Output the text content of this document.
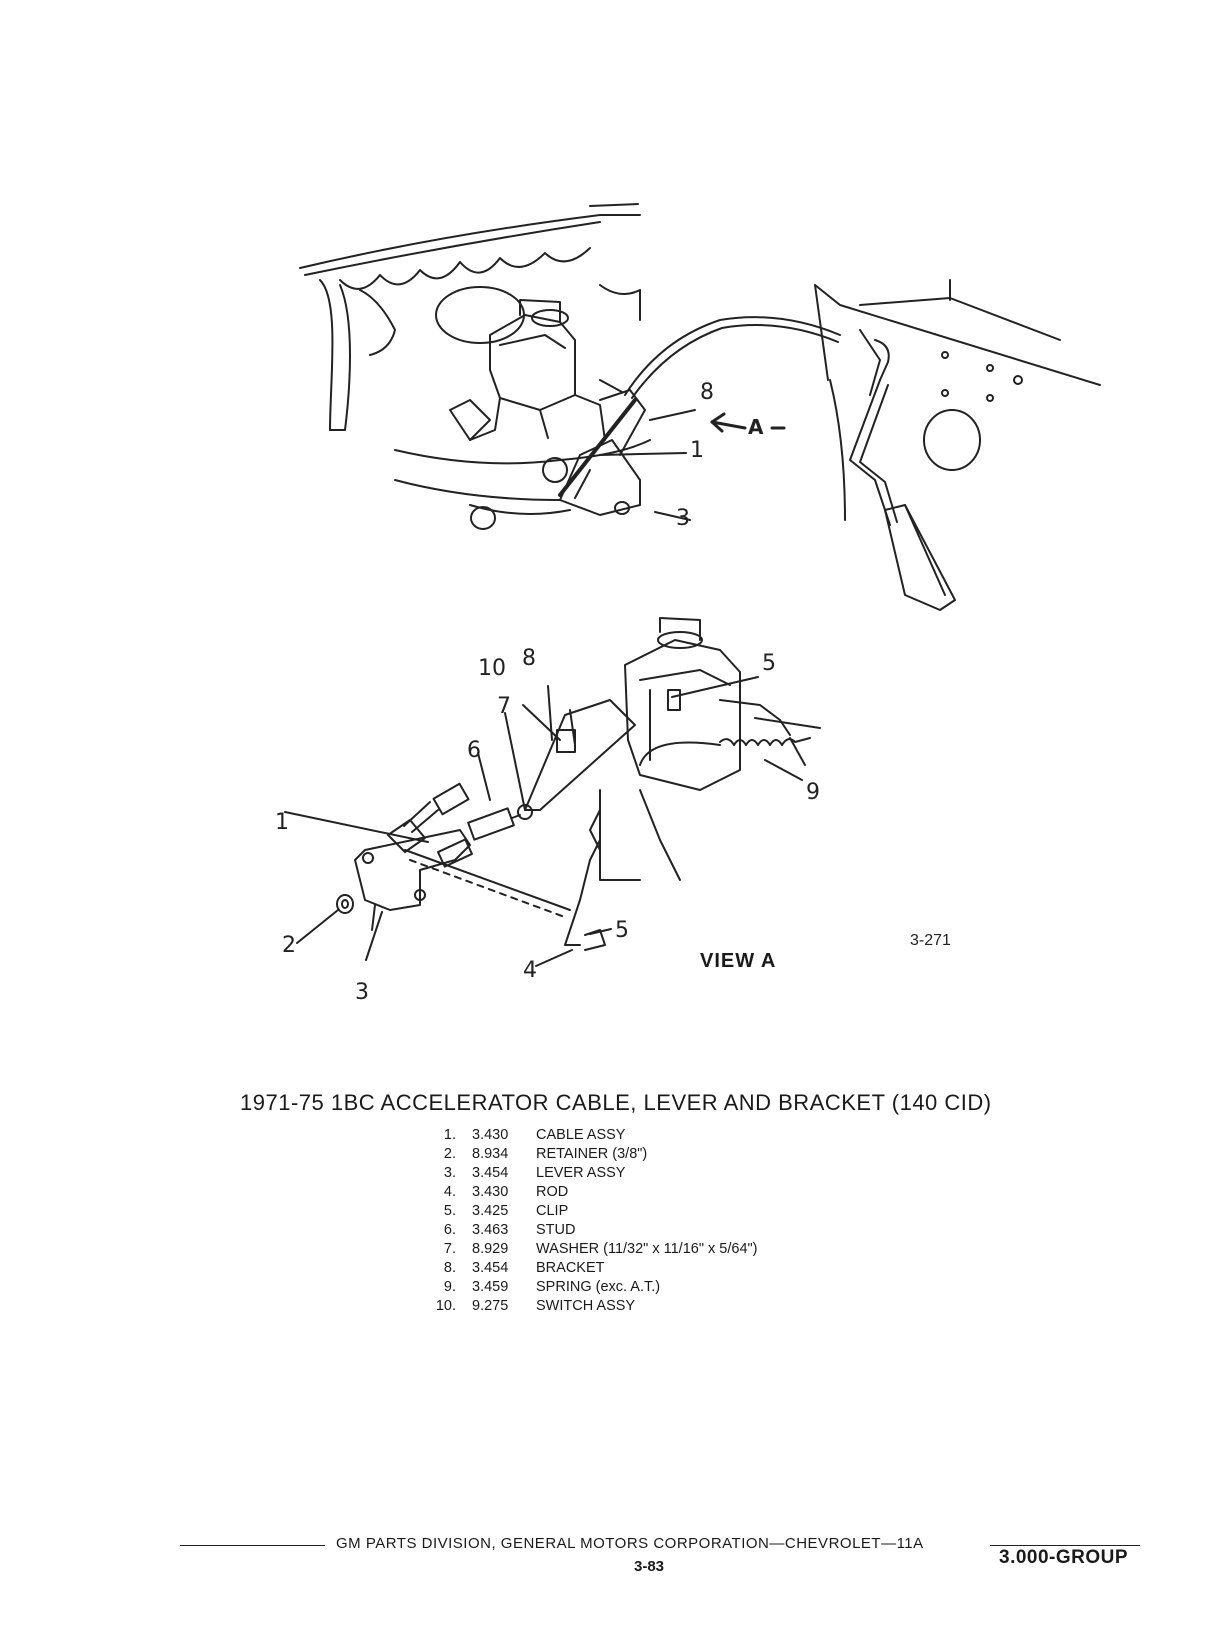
A
8
1
3
10 8	5
7
6
1
9
2
5
4
3
3-271
VIEW A
1971-75 1BC ACCELERATOR CABLE, LEVER AND BRACKET (140 CID)
1. 3.430	CABLE ASSY
2. 8.934	RETAINER (3/8")
3. 3.454	LEVER ASSY
4. 3.430	ROD
5. 3.425	CLIP
6. 3.463	STUD
7. 8.929	WASHER (11/32" x 11/16" x 5/64")
8. 3.454	BRACKET
9. 3.459	SPRING (exc. A.T.)
10. 9.275	SWITCH ASSY
GM PARTS DIVISION, GENERAL MOTORS CORPORATION—CHEVROLET—11A
3-83	3.000-GROUP
